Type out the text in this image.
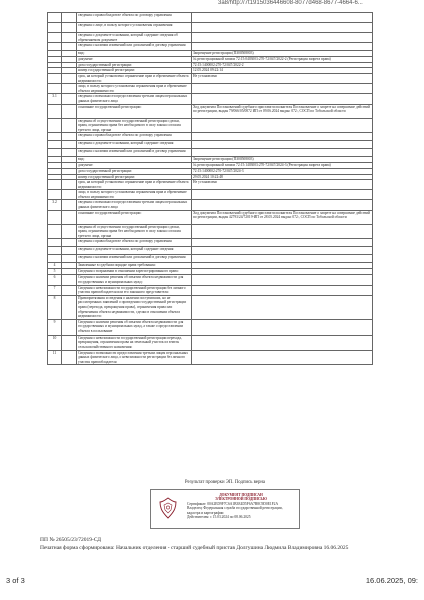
3a8/http://7t1915036446608-8077d468-8677-4664-6...
		сведения о правообладателе объекта по договору управления	
		сведения о лице, в пользу которого установлены ограничения	
		сведения о документе-основании, который содержит сведения об обременяемом документе	
		сведения о наличии изменений или дополнений в договор управления	
		вид:	Запрещение регистрации (ПЗ00508003)
		документ:	№ регистрационной записи 72:15:0403003:270-72/047/2022-2 (Регистрация запрета права)
		дата государственной регистрации:	72:15:1400002:270-72/047/2022-2
		номер государственной регистрации:	12.05.2024 09:22:14
		срок, на который установлено ограничение прав и обременение объекта недвижимости:	Не установлено
		лицо, в пользу которого установлены ограничения прав и обременение объекта недвижимости:	
3.1		сведения о возможности предоставления третьим лицам персональных данных физического лица	
		основание государственной регистрации:	Ход документа Постановлений судебного пристава-исполнителя Постановление о запрете на совершение действий по регистрации, выдан 79/066/05/0872 ИП от 09.06.2024 выдан: 072:, СОСП по Тобольской области
		сведения об осуществлении государственной регистрации сделки, права, ограничения права без необходимого в силу закона согласия третьего лица, органа	
		сведения о правообладателе объекта по договору управления	
		сведения о документе-основании, который содержит сведения	
		сведения о наличии изменений или дополнений в договор управления	
		вид:	Запрещение регистрации (ПЗ00508003)
		документ:	№ регистрационной записи 72:15:1403003:270-72/047/2024-3 (Регистрация запрета права)
		дата государственной регистрации:	72:15:1400002:270-72/047/2024-3
		номер государственной регистрации:	29.05.2024 10:22:48
		срок, на который установлено ограничение прав и обременение объекта недвижимости:	Не установлено
		лицо, в пользу которого установлены ограничения прав и обременение объекта недвижимости:	
3.2		сведения о возможности предоставления третьим лицам персональных данных физического лица	
		основание государственной регистрации:	Ход документа Постановлений судебного пристава-исполнителя Постановление о запрете на совершение действий по регистрации, выдан 42793/24/72019-ИП от 28.05.2024 выдан: 072:, СОСП по Тобольской области
		сведения об осуществлении государственной регистрации сделки, права, ограничения права без необходимого в силу закона согласия третьего лица, органа	
		сведения о правообладателе объекта по договору управления	
		сведения о документе-основании, который содержит сведения	
		сведения о наличии изменений или дополнений в договор управления	
4		Заявленные в судебном порядке права требования:	
5		Сведения о возражении в отношении зарегистрированного права:	
6		Сведения о наличии решения об изъятии объекта недвижимости для государственных и муниципальных нужд:	
7		Сведения о невозможности государственной регистрации без личного участия правообладателя или его законного представителя:	
8		Правопритязания и сведения о наличии поступивших, но не рассмотренных заявлений о проведении государственной регистрации права (перехода, прекращения права), ограничения права или обременения объекта недвижимости, сделки в отношении объекта недвижимости:	
9		Сведения о наличии решения об изъятии объекта недвижимости для государственных и муниципальных нужд, а также о предоставлении объекта в пользование	
10		Сведения о невозможности государственной регистрации перехода, прекращения, ограничения права на земельный участок из земель сельскохозяйственного назначения:	
11		Сведения о возможности предоставления третьим лицам персональных данных физического лица, о невозможности регистрации без личного участия правообладателя	
Результат проверки ЭП. Подпись верна
ДОКУМЕНТ ПОДПИСАН
ЭЛЕКТРОННОЙ ПОДПИСЬЮ
Сертификат: 00A2ED9F7C6A1B3E4D5F6A7B8C9D0E1F2A
Владелец: Федеральная служба государственной регистрации,
кадастра и картографии
Действителен: с 15.03.2024 по 08.06.2025
ПП № 26505/23/72019-СД
Печатная форма сформирована: Начальник отделения - старший судебный пристав Долгушина Людмила Владимировна 16.06.2025
3 of 3	16.06.2025, 09:
